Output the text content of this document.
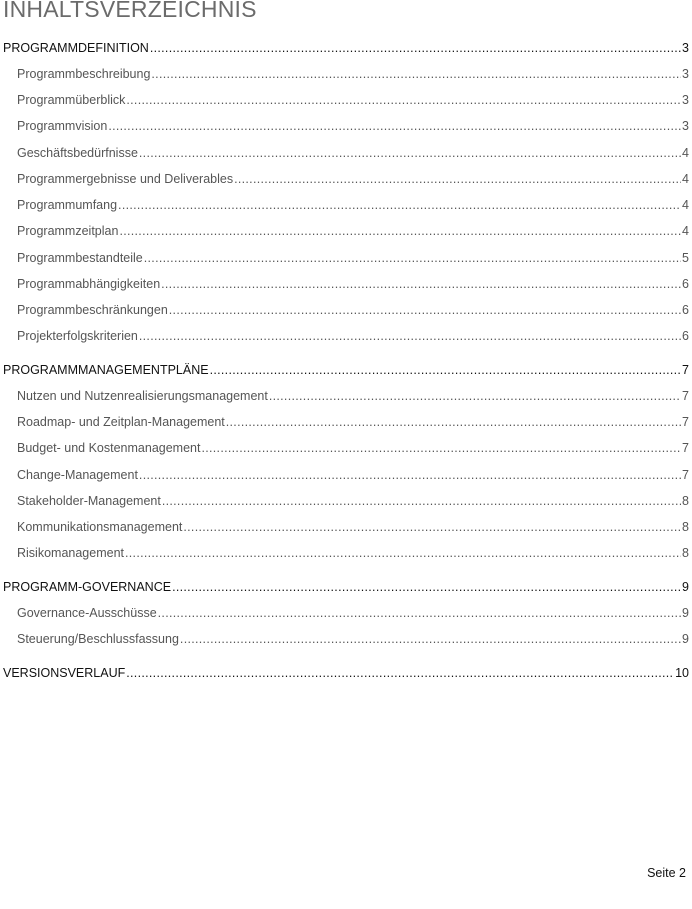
INHALTSVERZEICHNIS
PROGRAMMDEFINITION .....	3
Programmbeschreibung .....	3
Programmüberblick .....	3
Programmvision .....	3
Geschäftsbedürfnisse .....	4
Programmergebnisse und Deliverables .....	4
Programmumfang .....	4
Programmzeitplan .....	4
Programmbestandteile .....	5
Programmabhängigkeiten .....	6
Programmbeschränkungen .....	6
Projekterfolgskriterien .....	6
PROGRAMMMANAGEMENTPLÄNE .....	7
Nutzen und Nutzenrealisierungsmanagement .....	7
Roadmap- und Zeitplan-Management .....	7
Budget- und Kostenmanagement .....	7
Change-Management .....	7
Stakeholder-Management .....	8
Kommunikationsmanagement .....	8
Risikomanagement .....	8
PROGRAMM-GOVERNANCE .....	9
Governance-Ausschüsse .....	9
Steuerung/Beschlussfassung .....	9
VERSIONSVERLAUF .....	10
Seite 2
